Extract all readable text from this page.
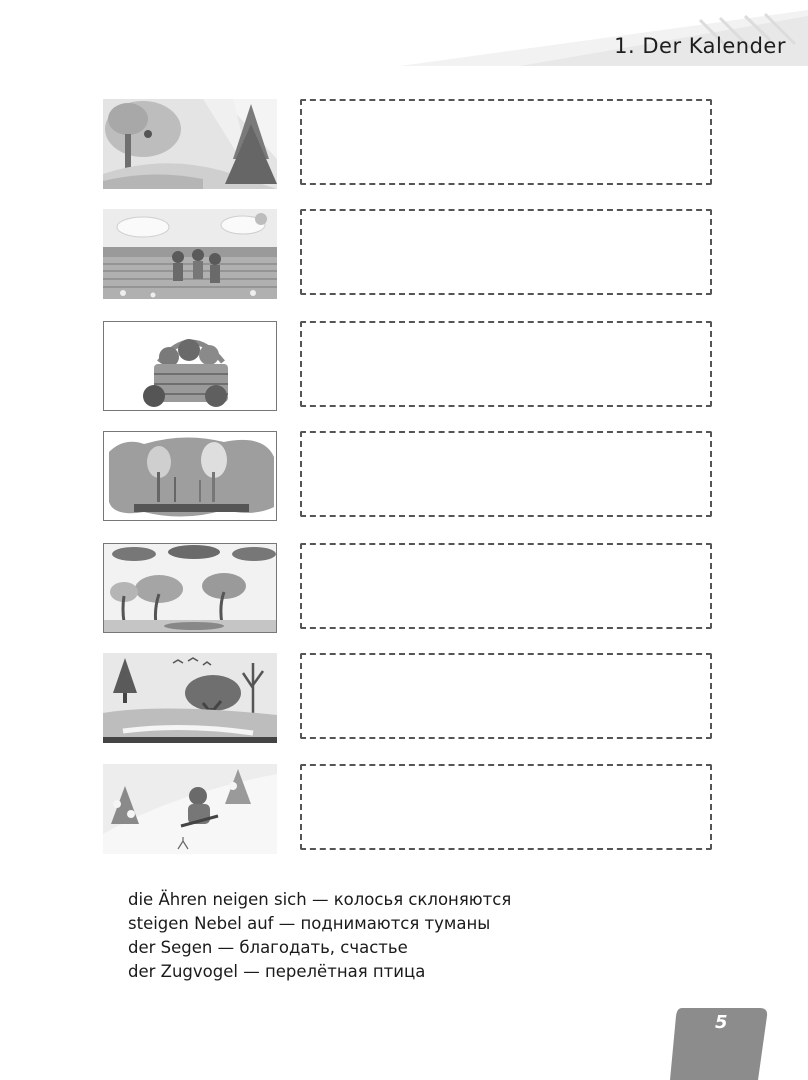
1. Der Kalender
die Ähren neigen sich — колосья склоняются
steigen Nebel auf — поднимаются туманы
der Segen — благодать, счастье
der Zugvogel — перелётная птица
5
